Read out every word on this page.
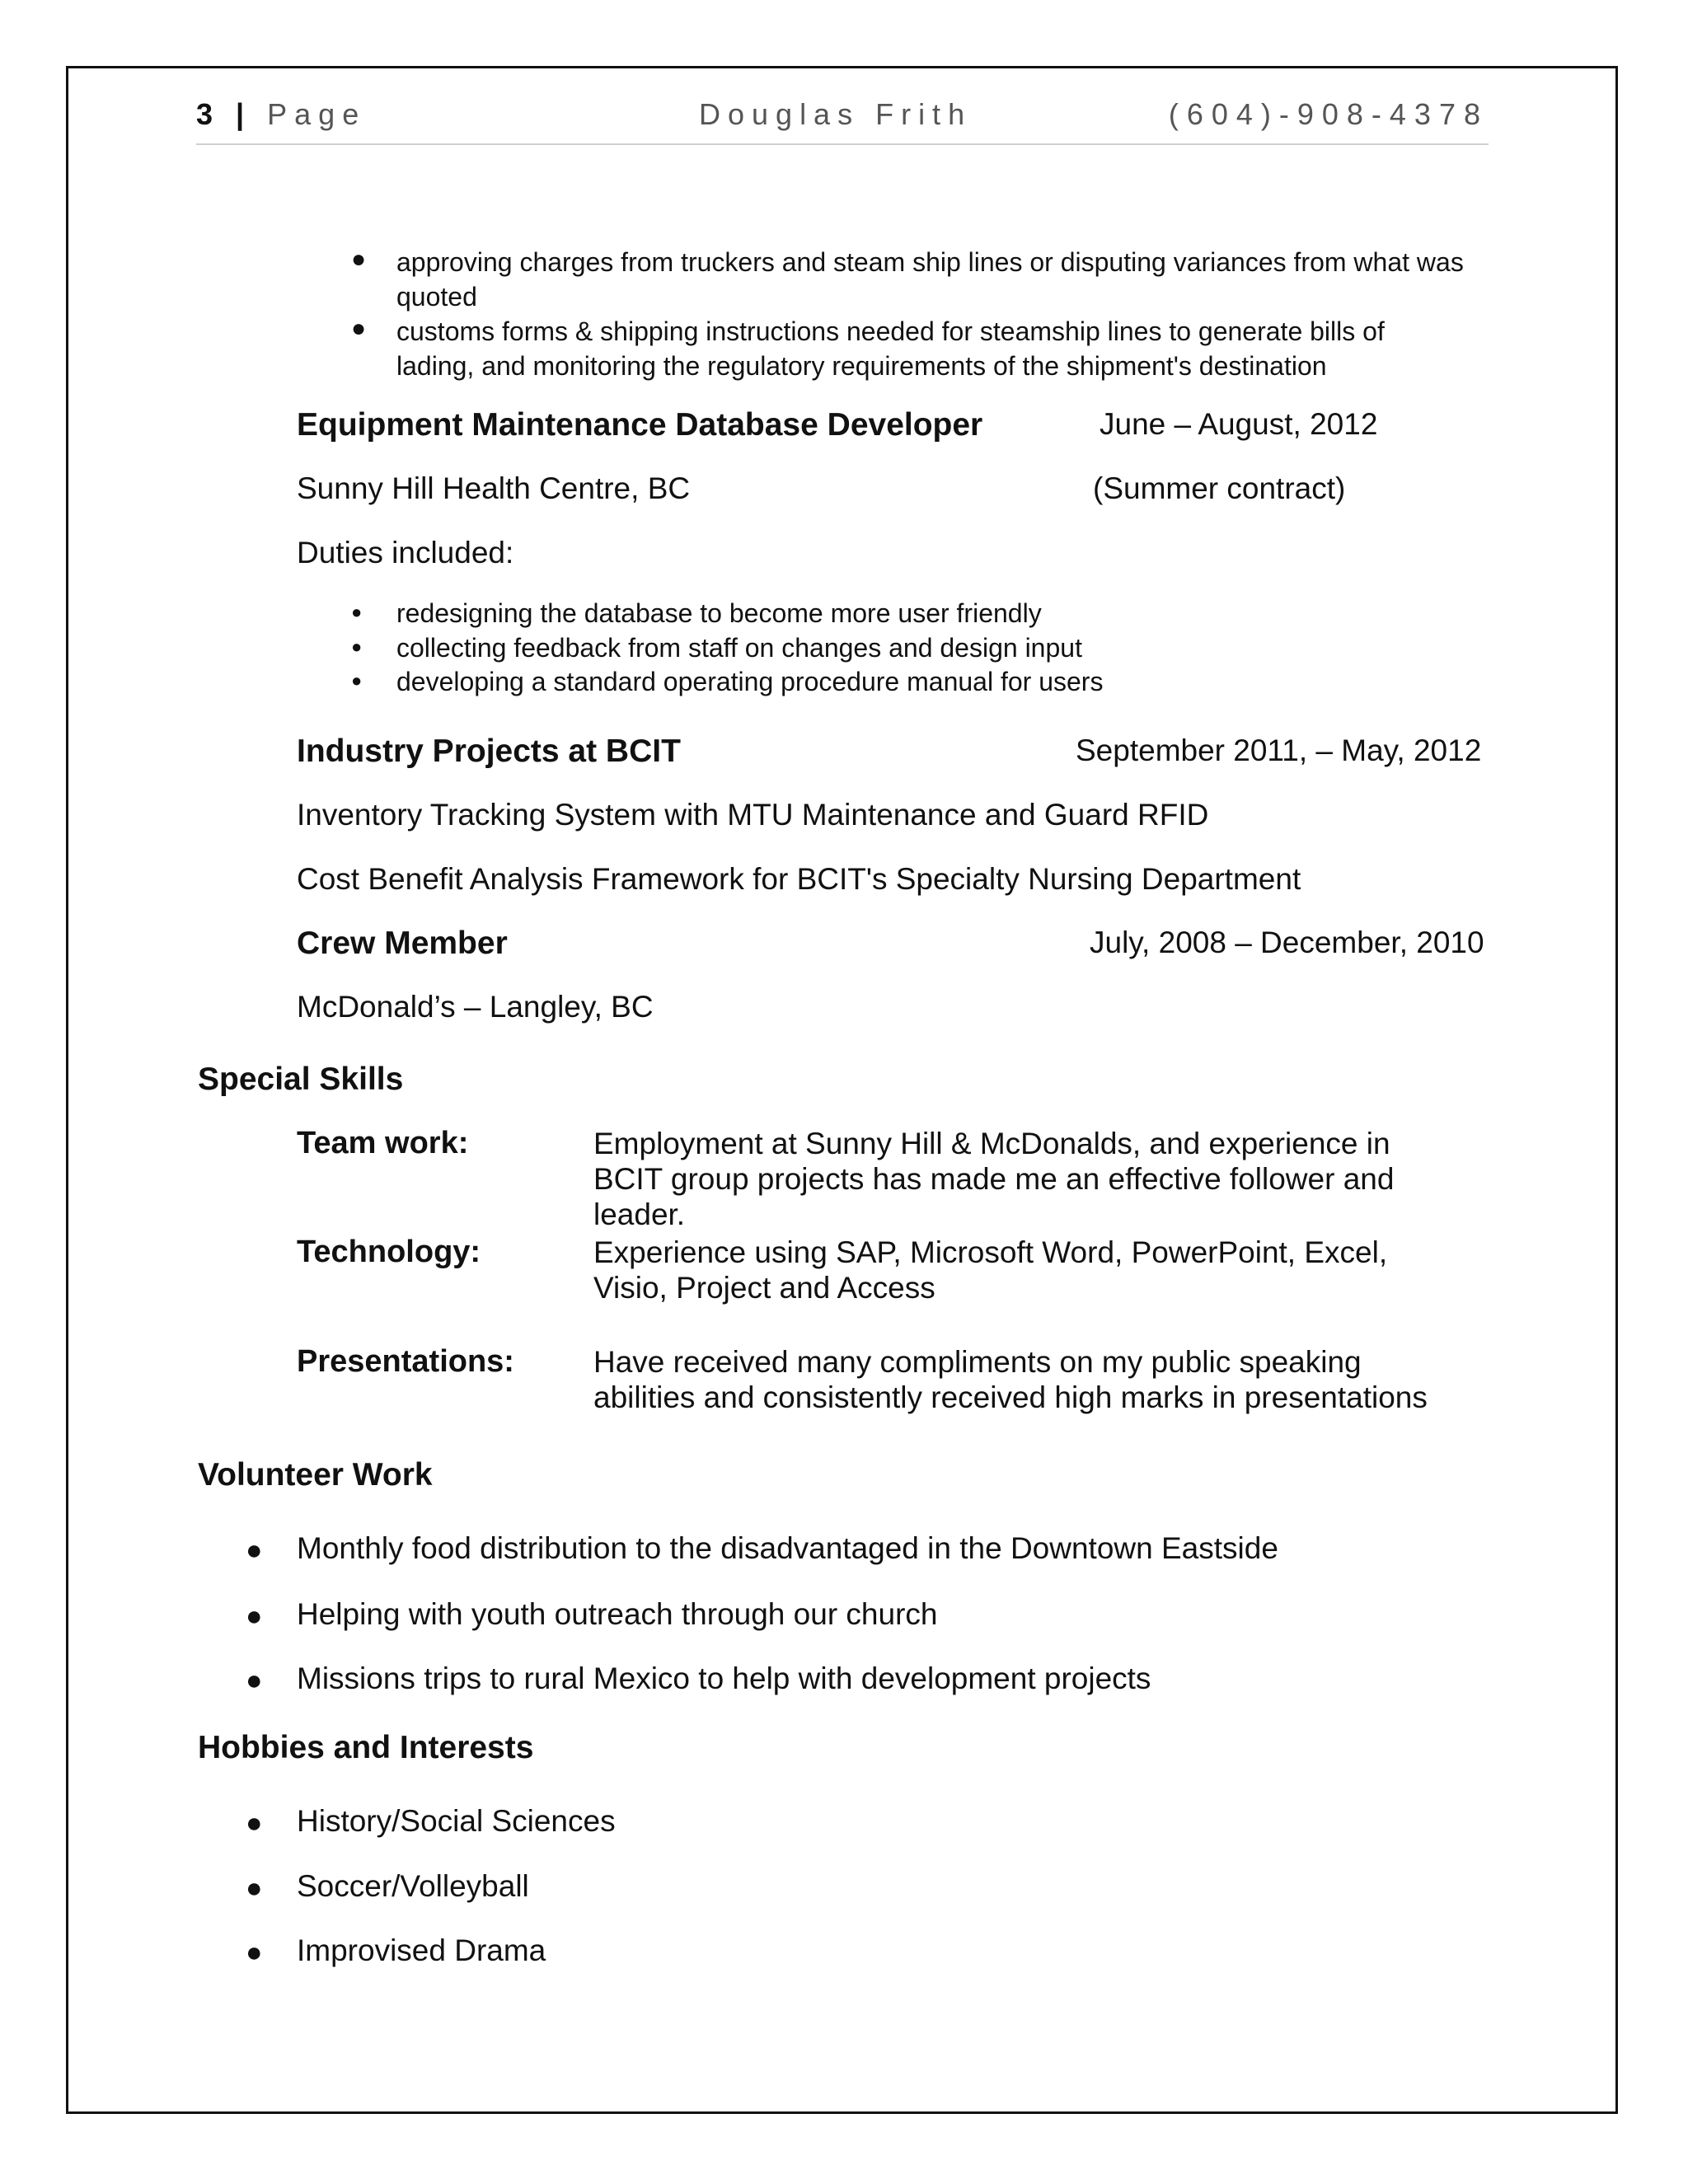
3 | Page	Douglas Frith	(604)-908-4378
● approving charges from truckers and steam ship lines or disputing variances from what was quoted
● customs forms & shipping instructions needed for steamship lines to generate bills of lading, and monitoring the regulatory requirements of the shipment's destination
Equipment Maintenance Database Developer	June – August, 2012
Sunny Hill Health Centre, BC	(Summer contract)
Duties included:
● redesigning the database to become more user friendly
● collecting feedback from staff on changes and design input
● developing a standard operating procedure manual for users
Industry Projects at BCIT	September 2011, – May, 2012
Inventory Tracking System with MTU Maintenance and Guard RFID
Cost Benefit Analysis Framework for BCIT's Specialty Nursing Department
Crew Member	July, 2008 – December, 2010
McDonald’s – Langley, BC
Special Skills
Team work:	Employment at Sunny Hill & McDonalds, and experience in BCIT group projects has made me an effective follower and leader.
Technology:	Experience using SAP, Microsoft Word, PowerPoint, Excel, Visio, Project and Access
Presentations:	Have received many compliments on my public speaking abilities and consistently received high marks in presentations
Volunteer Work
● Monthly food distribution to the disadvantaged in the Downtown Eastside
● Helping with youth outreach through our church
● Missions trips to rural Mexico to help with development projects
Hobbies and Interests
● History/Social Sciences
● Soccer/Volleyball
● Improvised Drama
